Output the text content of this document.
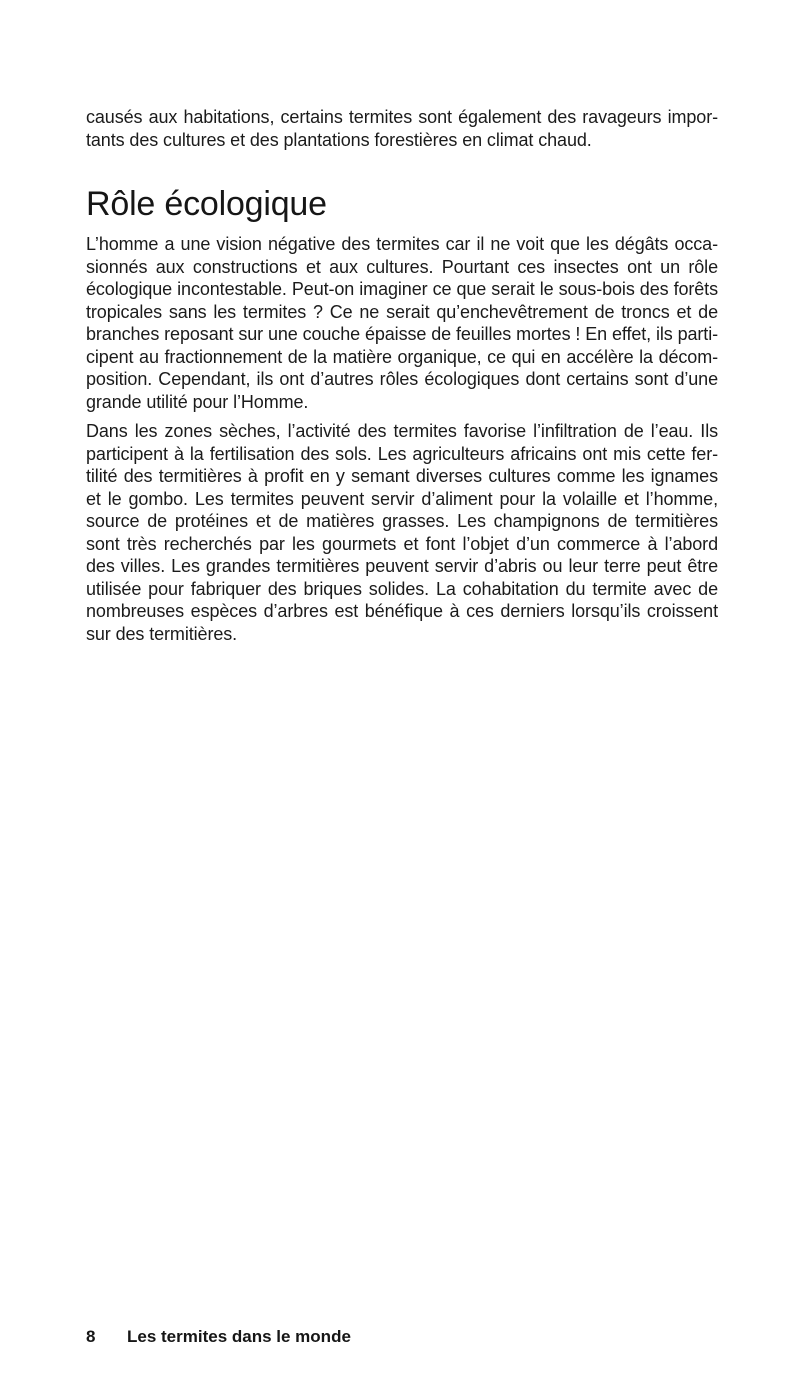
causés aux habitations, certains termites sont également des ravageurs impor-
tants des cultures et des plantations forestières en climat chaud.
Rôle écologique
L’homme a une vision négative des termites car il ne voit que les dégâts occa-
sionnés aux constructions et aux cultures. Pourtant ces insectes ont un rôle
écologique incontestable. Peut-on imaginer ce que serait le sous-bois des forêts
tropicales sans les termites ? Ce ne serait qu’enchevêtrement de troncs et de
branches reposant sur une couche épaisse de feuilles mortes ! En effet, ils parti-
cipent au fractionnement de la matière organique, ce qui en accélère la décom-
position. Cependant, ils ont d’autres rôles écologiques dont certains sont d’une
grande utilité pour l’Homme.
Dans les zones sèches, l’activité des termites favorise l’infiltration de l’eau. Ils
participent à la fertilisation des sols. Les agriculteurs africains ont mis cette fer-
tilité des termitières à profit en y semant diverses cultures comme les ignames
et le gombo. Les termites peuvent servir d’aliment pour la volaille et l’homme,
source de protéines et de matières grasses. Les champignons de termitières
sont très recherchés par les gourmets et font l’objet d’un commerce à l’abord
des villes. Les grandes termitières peuvent servir d’abris ou leur terre peut être
utilisée pour fabriquer des briques solides. La cohabitation du termite avec de
nombreuses espèces d’arbres est bénéfique à ces derniers lorsqu’ils croissent
sur des termitières.
8	Les termites dans le monde
